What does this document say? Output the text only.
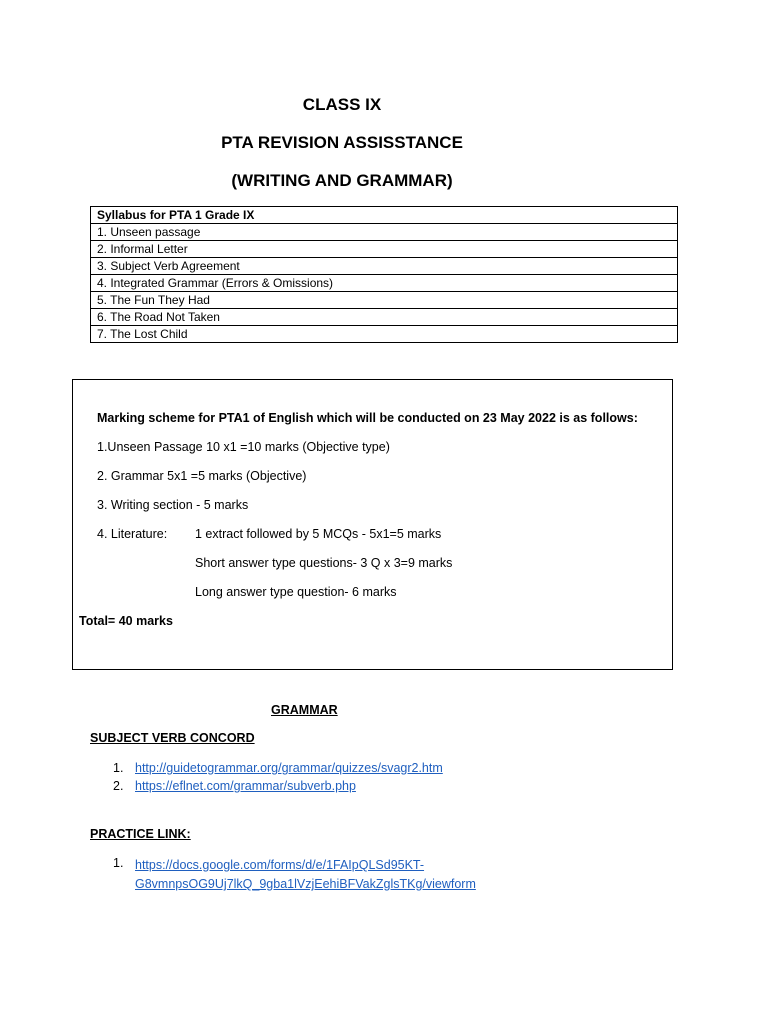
CLASS IX
PTA REVISION ASSISSTANCE
(WRITING AND GRAMMAR)
Syllabus for PTA 1 Grade IX
1. Unseen passage
2. Informal Letter
3. Subject Verb Agreement
4. Integrated Grammar (Errors & Omissions)
5. The Fun They Had
6. The Road Not Taken
7. The Lost Child
Marking scheme for PTA1 of English which will be conducted on 23 May 2022 is as follows:
1.Unseen Passage 10 x1 =10 marks (Objective type)
2. Grammar 5x1 =5 marks (Objective)
3. Writing section - 5 marks
4. Literature: 1 extract followed by 5 MCQs - 5x1=5 marks
Short answer type questions- 3 Q x 3=9 marks
Long answer type question- 6 marks
Total= 40 marks
GRAMMAR
SUBJECT VERB CONCORD
1. http://guidetogrammar.org/grammar/quizzes/svagr2.htm
2. https://eflnet.com/grammar/subverb.php
PRACTICE LINK:
1. https://docs.google.com/forms/d/e/1FAIpQLSd95KT-
G8vmnpsOG9Uj7lkQ_9gba1lVzjEehiBFVakZglsTKg/viewform
